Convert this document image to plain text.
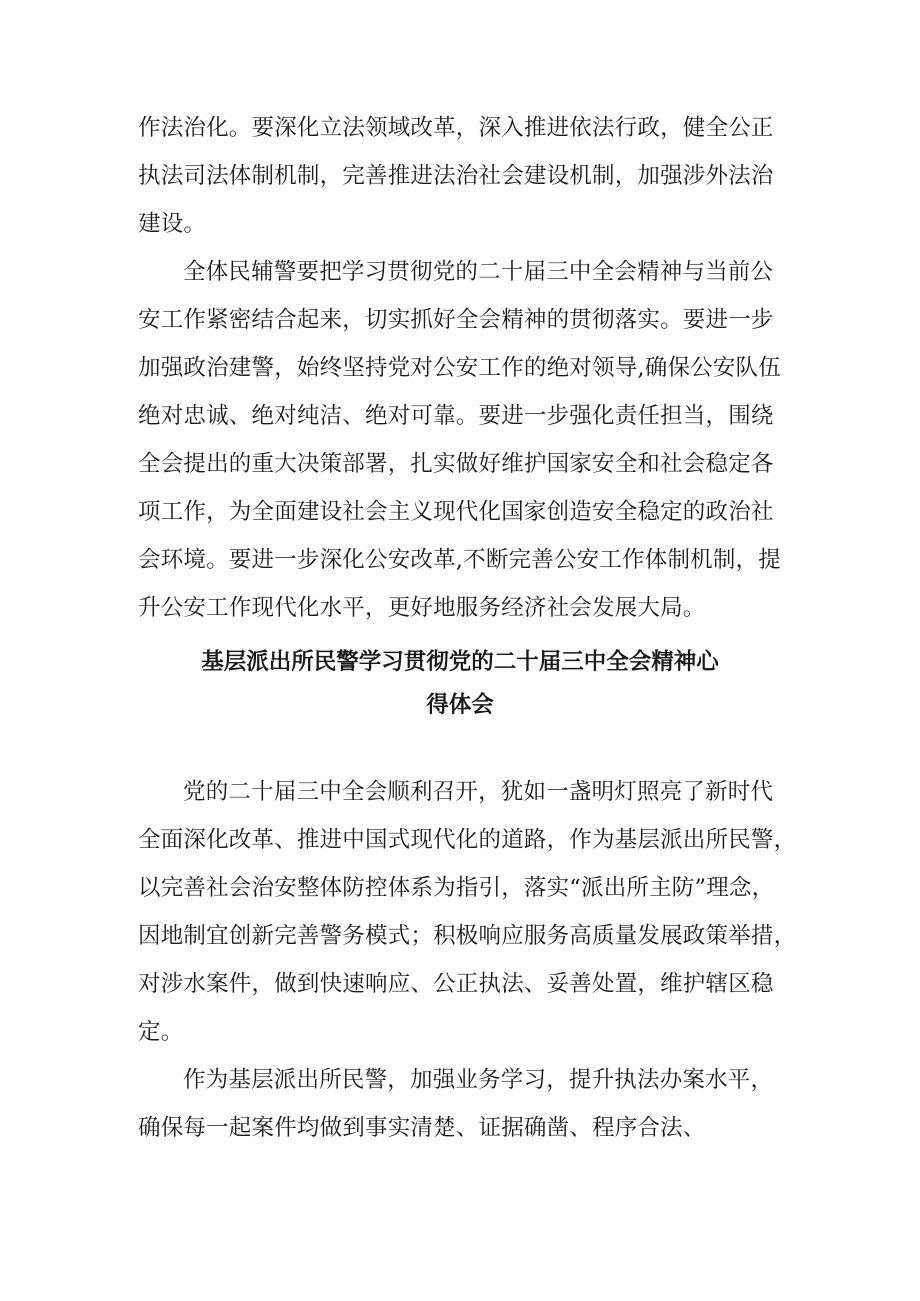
作法治化。要深化立法领域改革，深入推进依法行政，健全公正
执法司法体制机制，完善推进法治社会建设机制，加强涉外法治
建设。
全体民辅警要把学习贯彻党的二十届三中全会精神与当前公
安工作紧密结合起来，切实抓好全会精神的贯彻落实。要进一步
加强政治建警，始终坚持党对公安工作的绝对领导,确保公安队伍
绝对忠诚、绝对纯洁、绝对可靠。要进一步强化责任担当，围绕
全会提出的重大决策部署，扎实做好维护国家安全和社会稳定各
项工作，为全面建设社会主义现代化国家创造安全稳定的政治社
会环境。要进一步深化公安改革,不断完善公安工作体制机制，提
升公安工作现代化水平，更好地服务经济社会发展大局。
基层派出所民警学习贯彻党的二十届三中全会精神心
得体会
党的二十届三中全会顺利召开，犹如一盏明灯照亮了新时代
全面深化改革、推进中国式现代化的道路，作为基层派出所民警，
以完善社会治安整体防控体系为指引，落实“派出所主防”理念，
因地制宜创新完善警务模式；积极响应服务高质量发展政策举措，
对涉水案件，做到快速响应、公正执法、妥善处置，维护辖区稳
定。
作为基层派出所民警，加强业务学习，提升执法办案水平，
确保每一起案件均做到事实清楚、证据确凿、程序合法、
